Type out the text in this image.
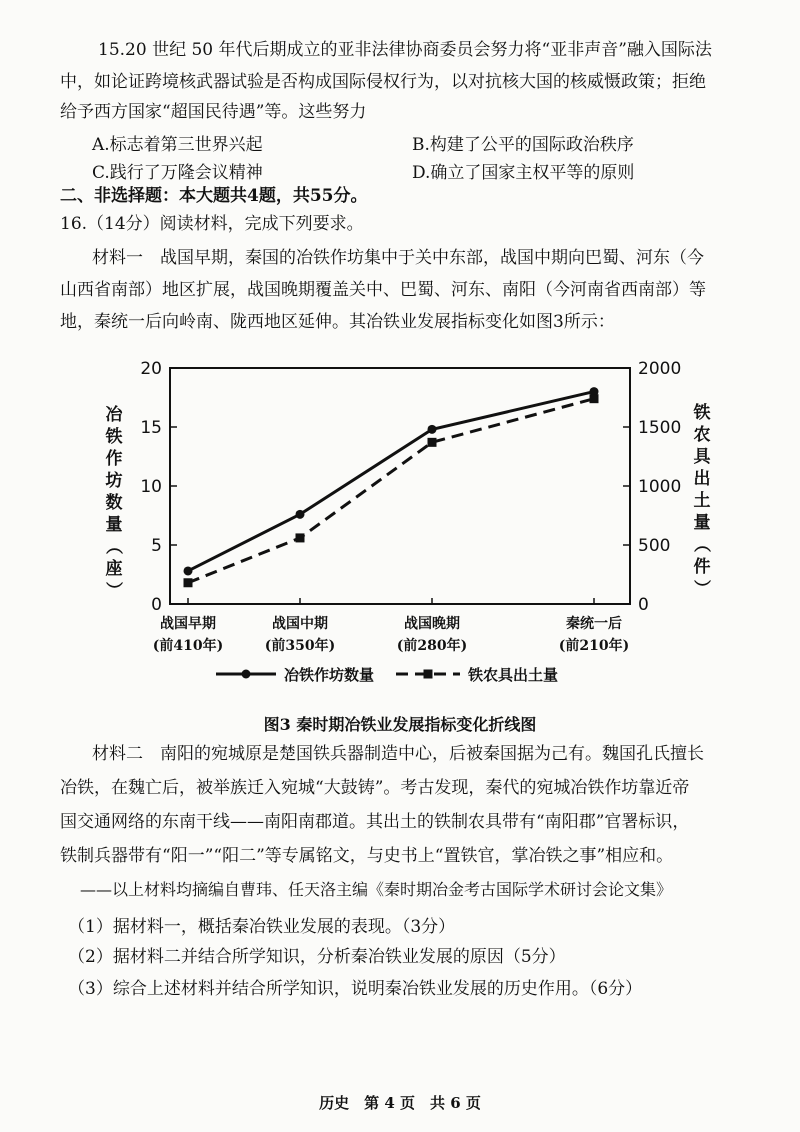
15.20 世纪 50 年代后期成立的亚非法律协商委员会努力将“亚非声音”融入国际法
中，如论证跨境核武器试验是否构成国际侵权行为，以对抗核大国的核威慑政策；拒绝
给予西方国家“超国民待遇”等。这些努力
A.标志着第三世界兴起	B.构建了公平的国际政治秩序
C.践行了万隆会议精神	D.确立了国家主权平等的原则
二、非选择题：本大题共4题，共55分。
16.（14分）阅读材料，完成下列要求。
材料一　战国早期，秦国的冶铁作坊集中于关中东部，战国中期向巴蜀、河东（今
山西省南部）地区扩展，战国晚期覆盖关中、巴蜀、河东、南阳（今河南省西南部）等
地，秦统一后向岭南、陇西地区延伸。其冶铁业发展指标变化如图3所示：
0
5
10
15
20
0
500
1000
1500
2000
战国早期
(前410年)
战国中期
(前350年)
战国晚期
(前280年)
秦统一后
(前210年)
冶
铁
作
坊
数
量
（
座
）
铁
农
具
出
土
量
（
件
）
冶铁作坊数量	铁农具出土量
图3 秦时期冶铁业发展指标变化折线图
材料二　南阳的宛城原是楚国铁兵器制造中心，后被秦国据为己有。魏国孔氏擅长
冶铁，在魏亡后，被举族迁入宛城“大鼓铸”。考古发现，秦代的宛城冶铁作坊靠近帝
国交通网络的东南干线——南阳南郡道。其出土的铁制农具带有“南阳郡”官署标识，
铁制兵器带有“阳一”“阳二”等专属铭文，与史书上“置铁官，掌冶铁之事”相应和。
——以上材料均摘编自曹玮、任天洛主编《秦时期冶金考古国际学术研讨会论文集》
（1）据材料一，概括秦冶铁业发展的表现。（3分）
（2）据材料二并结合所学知识，分析秦冶铁业发展的原因（5分）
（3）综合上述材料并结合所学知识，说明秦冶铁业发展的历史作用。（6分）
历史　第 4 页　共 6 页
